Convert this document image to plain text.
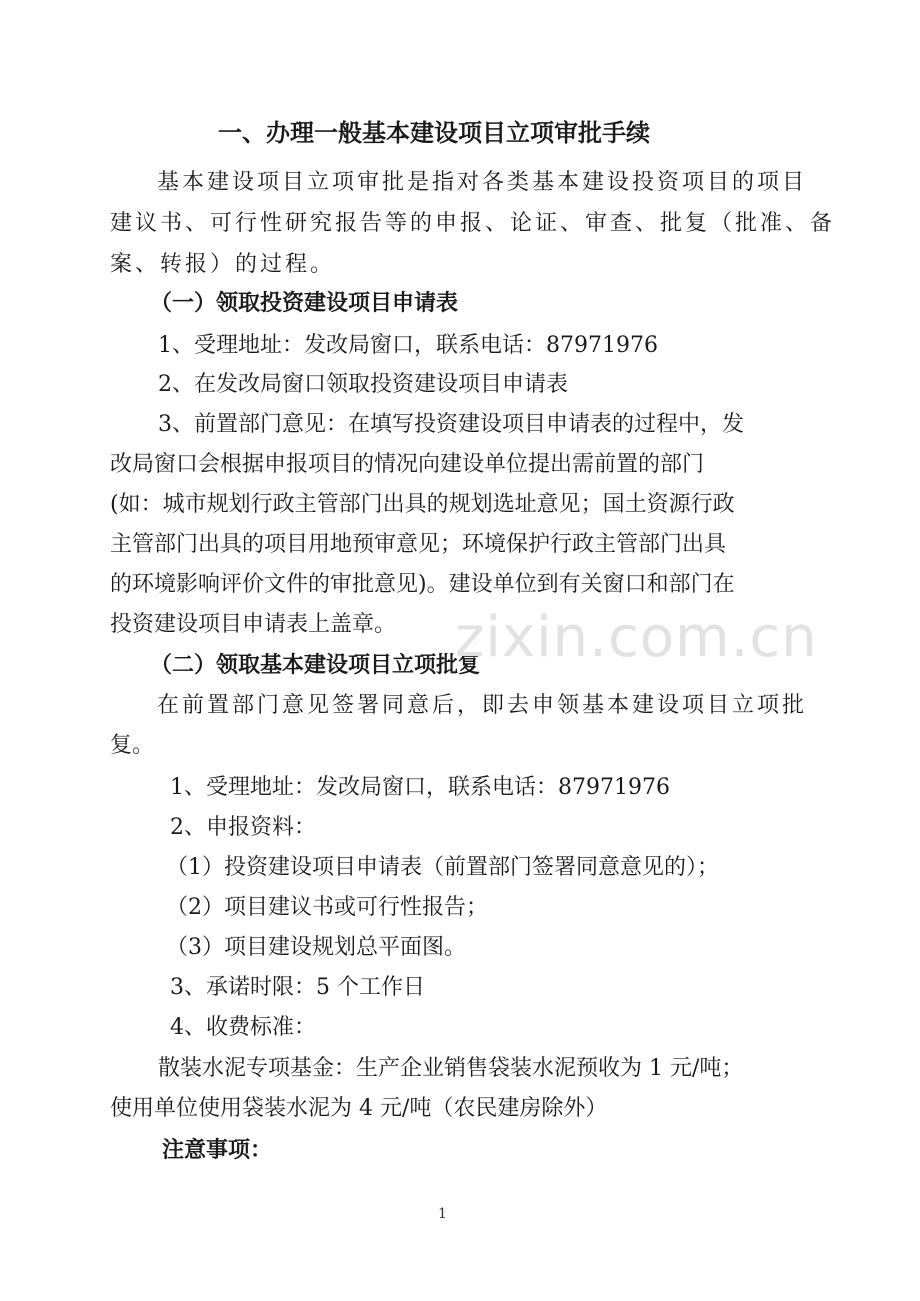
一、办理一般基本建设项目立项审批手续
基本建设项目立项审批是指对各类基本建设投资项目的项目
建议书、可行性研究报告等的申报、论证、审查、批复（批准、备
案、转报）的过程。
（一）领取投资建设项目申请表
1、受理地址：发改局窗口，联系电话：87971976
2、在发改局窗口领取投资建设项目申请表
3、前置部门意见：在填写投资建设项目申请表的过程中，发
改局窗口会根据申报项目的情况向建设单位提出需前置的部门
(如：城市规划行政主管部门出具的规划选址意见；国土资源行政
主管部门出具的项目用地预审意见；环境保护行政主管部门出具
的环境影响评价文件的审批意见)。建设单位到有关窗口和部门在
投资建设项目申请表上盖章。
（二）领取基本建设项目立项批复
在前置部门意见签署同意后，即去申领基本建设项目立项批
复。
1、受理地址：发改局窗口，联系电话：87971976
2、申报资料：
（1）投资建设项目申请表（前置部门签署同意意见的）；
（2）项目建议书或可行性报告；
（3）项目建设规划总平面图。
3、承诺时限：5 个工作日
4、收费标准：
散装水泥专项基金：生产企业销售袋装水泥预收为 1 元/吨；
使用单位使用袋装水泥为 4 元/吨（农民建房除外）
注意事项：
zixin.com.cn
1
